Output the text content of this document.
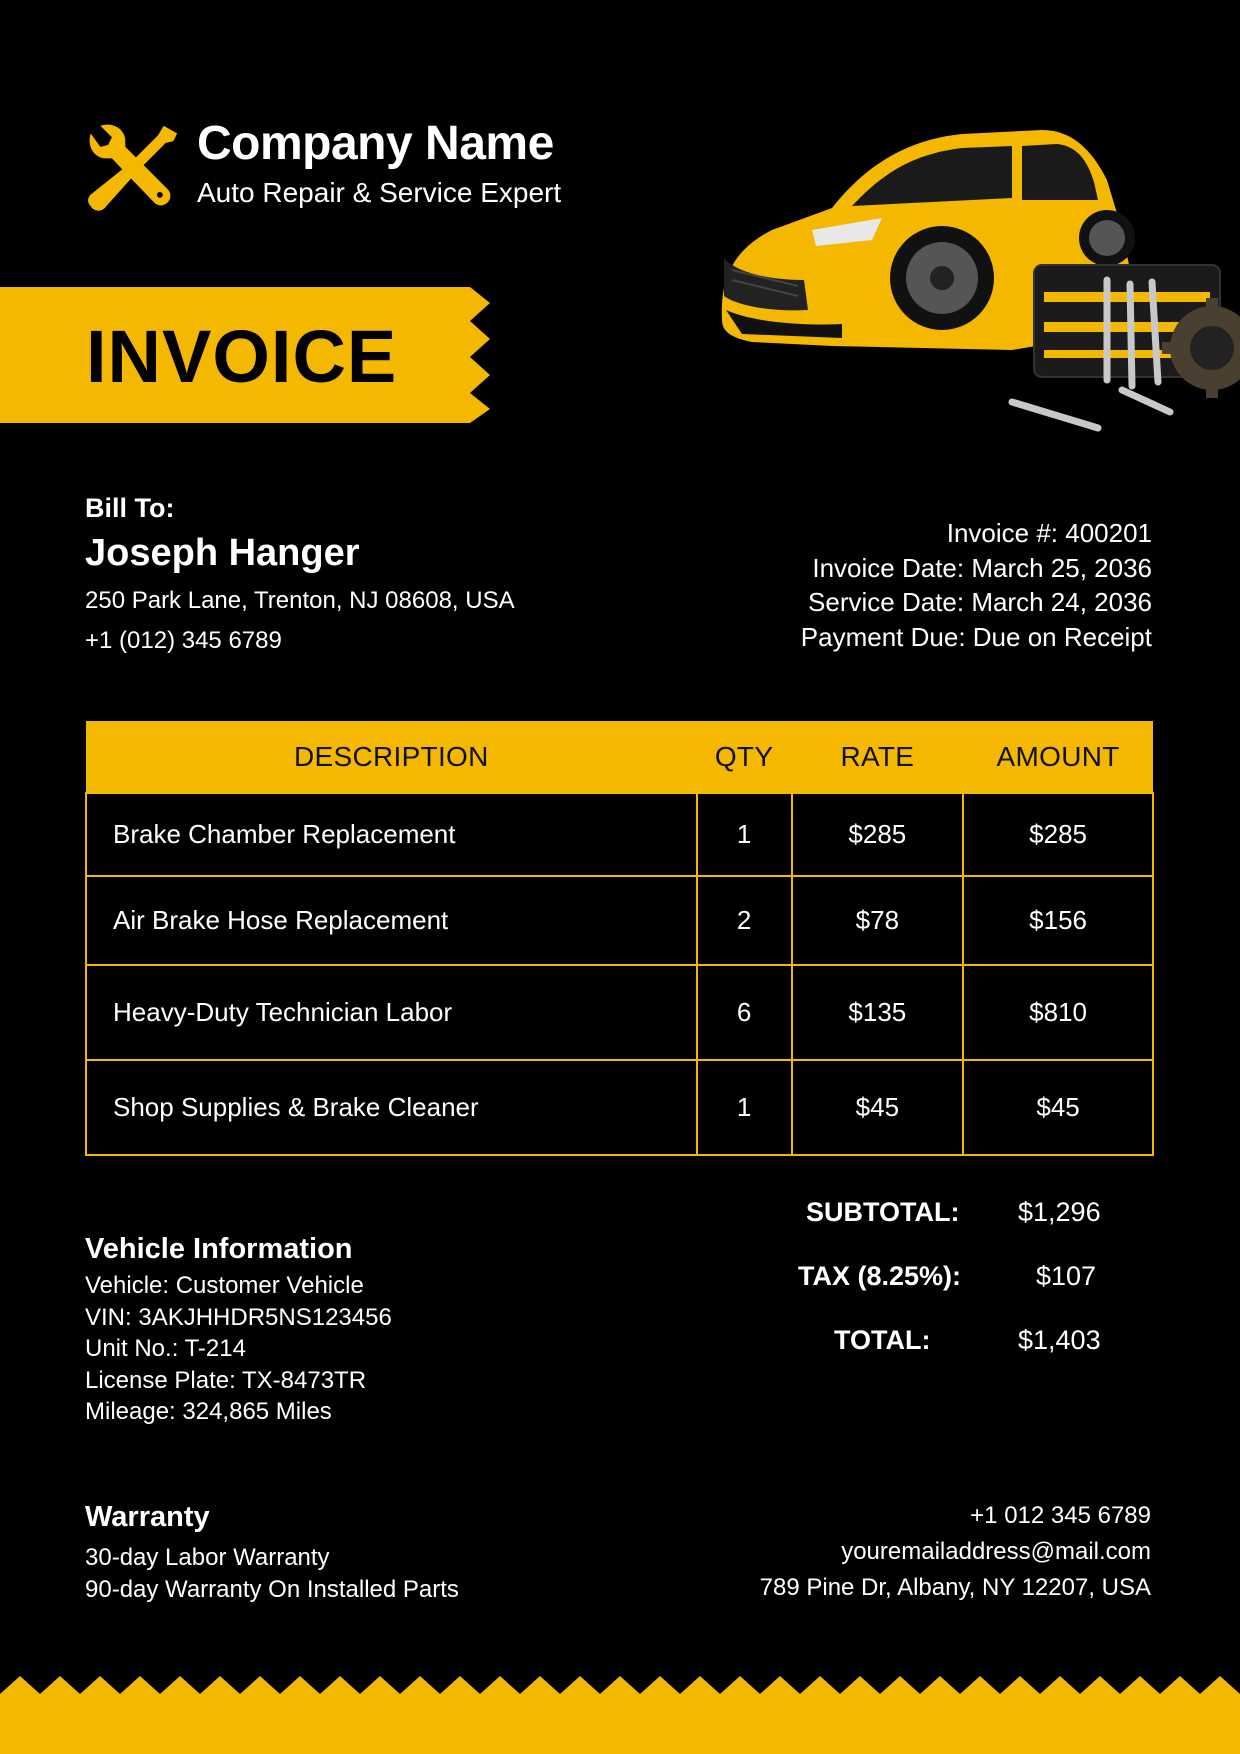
Company Name
Auto Repair & Service Expert
INVOICE
Bill To:
Joseph Hanger
250 Park Lane, Trenton, NJ 08608, USA
+1 (012) 345 6789
Invoice #: 400201
Invoice Date: March 25, 2036
Service Date: March 24, 2036
Payment Due: Due on Receipt
DESCRIPTION	QTY	RATE	AMOUNT
Brake Chamber Replacement	1	$285	$285
Air Brake Hose Replacement	2	$78	$156
Heavy-Duty Technician Labor	6	$135	$810
Shop Supplies & Brake Cleaner	1	$45	$45
SUBTOTAL: $1,296
TAX (8.25%):	$107
TOTAL:	$1,403
Vehicle Information
Vehicle: Customer Vehicle
VIN: 3AKJHHDR5NS123456
Unit No.: T-214
License Plate: TX-8473TR
Mileage: 324,865 Miles
Warranty
30-day Labor Warranty
90-day Warranty On Installed Parts
+1 012 345 6789
youremailaddress@mail.com
789 Pine Dr, Albany, NY 12207, USA
